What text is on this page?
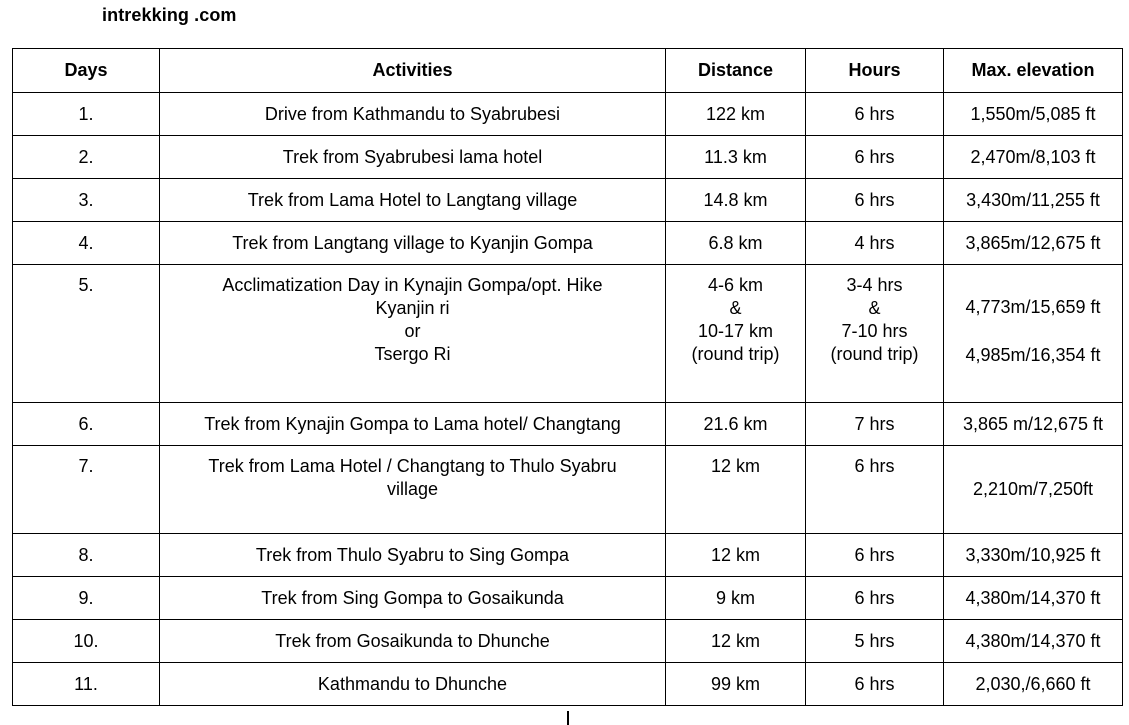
intrekking .com
Days	Activities	Distance	Hours	Max. elevation
1.	Drive from Kathmandu to Syabrubesi	122 km	6 hrs	1,550m/5,085 ft
2.	Trek from Syabrubesi lama hotel	11.3 km	6 hrs	2,470m/8,103 ft
3.	Trek from Lama Hotel to Langtang village	14.8 km	6 hrs	3,430m/11,255 ft
4.	Trek from Langtang village to Kyanjin Gompa	6.8 km	4 hrs	3,865m/12,675 ft

5.	Acclimatization Day in Kynajin Gompa/opt. Hike
Kyanjin ri
or
Tsergo Ri	4-6 km
&
10-17 km
(round trip)	3-4 hrs
&
7-10 hrs
(round trip)	4,773m/15,659 ft
4,985m/16,354 ft

6.	Trek from Kynajin Gompa to Lama hotel/ Changtang	21.6 km	7 hrs	3,865 m/12,675 ft

7.	Trek from Lama Hotel / Changtang to Thulo Syabru
village	12 km	6 hrs	2,210m/7,250ft

8.	Trek from Thulo Syabru to Sing Gompa	12 km	6 hrs	3,330m/10,925 ft
9.	Trek from Sing Gompa to Gosaikunda	9 km	6 hrs	4,380m/14,370 ft
10.	Trek from Gosaikunda to Dhunche	12 km	5 hrs	4,380m/14,370 ft
11.	Kathmandu to Dhunche	99 km	6 hrs	2,030,/6,660 ft
